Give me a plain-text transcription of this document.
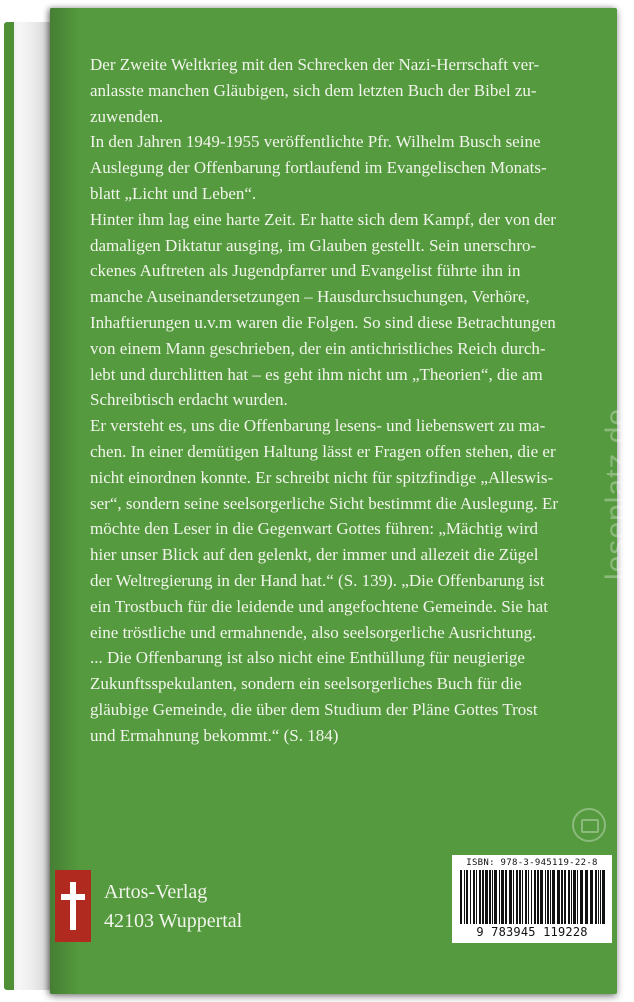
Der Zweite Weltkrieg mit den Schrecken der Nazi-Herrschaft ver-

anlasste manchen Gläubigen, sich dem letzten Buch der Bibel zu-

zuwenden.

In den Jahren 1949-1955 veröffentlichte Pfr. Wilhelm Busch seine

Auslegung der Offenbarung fortlaufend im Evangelischen Monats-

blatt „Licht und Leben“.

Hinter ihm lag eine harte Zeit. Er hatte sich dem Kampf, der von der

damaligen Diktatur ausging, im Glauben gestellt. Sein unerschro-

ckenes Auftreten als Jugendpfarrer und Evangelist führte ihn in

manche Auseinandersetzungen – Hausdurchsuchungen, Verhöre,

Inhaftierungen u.v.m waren die Folgen. So sind diese Betrachtungen

von einem Mann geschrieben, der ein antichristliches Reich durch-

lebt und durchlitten hat – es geht ihm nicht um „Theorien“, die am

Schreibtisch erdacht wurden.

Er versteht es, uns die Offenbarung lesens- und liebenswert zu ma-

chen. In einer demütigen Haltung lässt er Fragen offen stehen, die er

nicht einordnen konnte. Er schreibt nicht für spitzfindige „Alleswis-

ser“, sondern seine seelsorgerliche Sicht bestimmt die Auslegung. Er

möchte den Leser in die Gegenwart Gottes führen: „Mächtig wird

hier unser Blick auf den gelenkt, der immer und allezeit die Zügel

der Weltregierung in der Hand hat.“ (S. 139). „Die Offenbarung ist

ein Trostbuch für die leidende und angefochtene Gemeinde. Sie hat

eine tröstliche und ermahnende, also seelsorgerliche Ausrichtung.

... Die Offenbarung ist also nicht eine Enthüllung für neugierige

Zukunftsspekulanten, sondern ein seelsorgerliches Buch für die

gläubige Gemeinde, die über dem Studium der Pläne Gottes Trost

und Ermahnung bekommt.“ (S. 184)

Artos-Verlag
42103 Wuppertal
ISBN: 978-3-945119-22-8
9 783945 119228
leseplatz.de
